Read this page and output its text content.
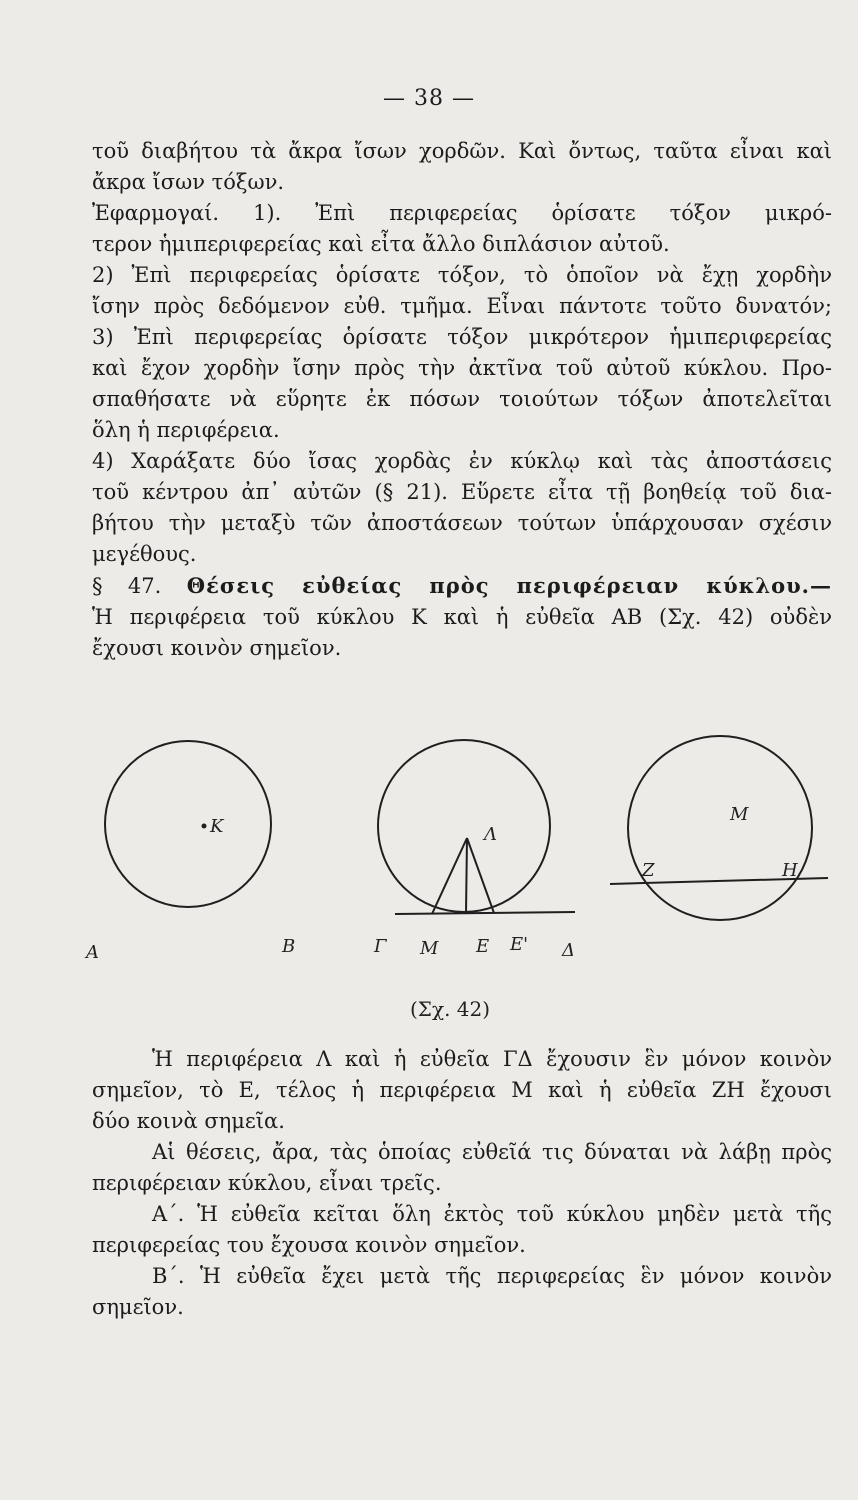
— 38 —
τοῦ διαβήτου τὰ ἄκρα ἴσων χορδῶν. Καὶ ὄντως, ταῦτα εἶναι καὶ
ἄκρα ἴσων τόξων.
Ἐφαρμογαί. 1). Ἐπὶ περιφερείας ὁρίσατε τόξον μικρό-
τερον ἡμιπεριφερείας καὶ εἶτα ἄλλο διπλάσιον αὐτοῦ.
2) Ἐπὶ περιφερείας ὁρίσατε τόξον, τὸ ὁποῖον νὰ ἔχῃ χορδὴν
ἴσην πρὸς δεδόμενον εὐθ. τμῆμα. Εἶναι πάντοτε τοῦτο δυνατόν;
3) Ἐπὶ περιφερείας ὁρίσατε τόξον μικρότερον ἡμιπεριφερείας
καὶ ἔχον χορδὴν ἴσην πρὸς τὴν ἀκτῖνα τοῦ αὐτοῦ κύκλου. Προ-
σπαθήσατε νὰ εὕρητε ἐκ πόσων τοιούτων τόξων ἀποτελεῖται
ὅλη ἡ περιφέρεια.
4) Χαράξατε δύο ἴσας χορδὰς ἐν κύκλῳ καὶ τὰς ἀποστάσεις
τοῦ κέντρου ἀπ᾽ αὐτῶν (§ 21). Εὕρετε εἶτα τῇ βοηθείᾳ τοῦ δια-
βήτου τὴν μεταξὺ τῶν ἀποστάσεων τούτων ὑπάρχουσαν σχέσιν
μεγέθους.
§ 47. Θέσεις εὐθείας πρὸς περιφέρειαν κύκλου.—
Ἡ περιφέρεια τοῦ κύκλου Κ καὶ ἡ εὐθεῖα ΑΒ (Σχ. 42) οὐδὲν
ἔχουσι κοινὸν σημεῖον.
K
A	B
Λ
Γ M E E' Δ
M
Z	H
(Σχ. 42)
Ἡ περιφέρεια Λ καὶ ἡ εὐθεῖα ΓΔ ἔχουσιν ἓν μόνον κοινὸν
σημεῖον, τὸ Ε, τέλος ἡ περιφέρεια Μ καὶ ἡ εὐθεῖα ΖΗ ἔχουσι
δύο κοινὰ σημεῖα.
Αἱ θέσεις, ἄρα, τὰς ὁποίας εὐθεῖά τις δύναται νὰ λάβῃ πρὸς
περιφέρειαν κύκλου, εἶναι τρεῖς.
Α΄. Ἡ εὐθεῖα κεῖται ὅλη ἐκτὸς τοῦ κύκλου μηδὲν μετὰ τῆς
περιφερείας του ἔχουσα κοινὸν σημεῖον.
Β΄. Ἡ εὐθεῖα ἔχει μετὰ τῆς περιφερείας ἓν μόνον κοινὸν
σημεῖον.
